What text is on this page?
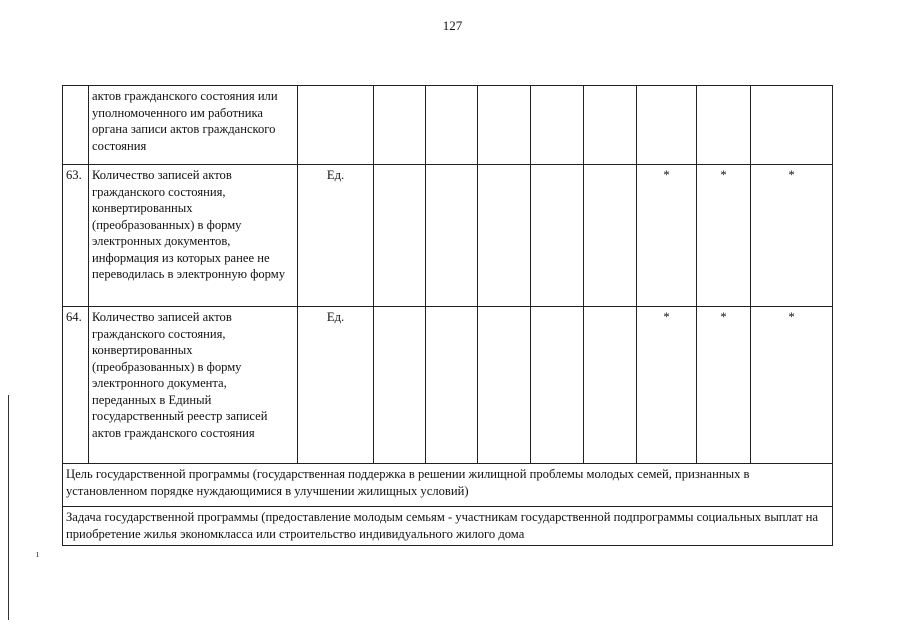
127
ı
	актов гражданского состояния или уполномоченного им работника органа записи актов гражданского состояния									
63.	Количество записей актов гражданского состояния, конвертированных (преобразованных) в форму электронных документов, информация из которых ранее не переводилась в электронную форму	Ед.						*	*	*
64.	Количество записей актов гражданского состояния, конвертированных (преобразованных) в форму электронного документа, переданных в Единый государственный реестр записей актов гражданского состояния	Ед.						*	*	*
Цель государственной программы (государственная поддержка в решении жилищной проблемы молодых семей, признанных в установленном порядке нуждающимися в улучшении жилищных условий)										
Задача государственной программы (предоставление молодым семьям - участникам государственной подпрограммы социальных выплат на приобретение жилья экономкласса или строительство индивидуального жилого дома										
